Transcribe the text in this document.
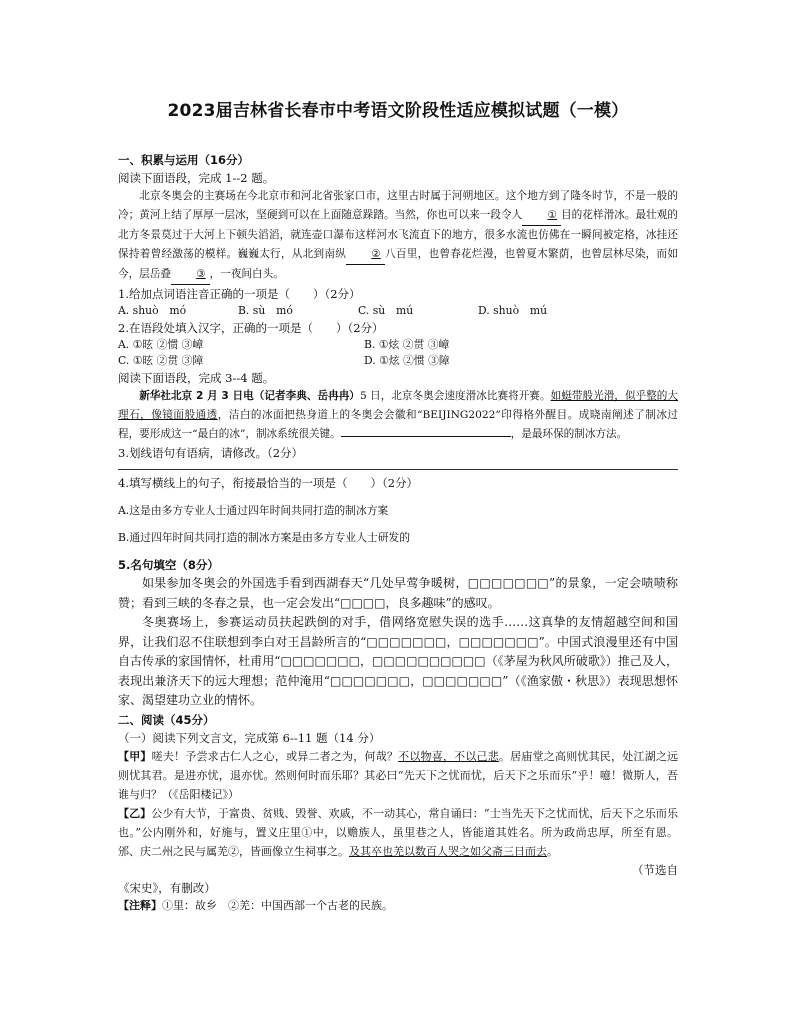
2023届吉林省长春市中考语文阶段性适应模拟试题（一模）

一、积累与运用（16分）

阅读下面语段，完成 1--2 题。

北京冬奥会的主赛场在今北京市和河北省张家口市，这里古时属于河朔地区。这个地方到了隆冬时节，不是一般的冷；黄河上结了厚厚一层冰，坚硬到可以在上面随意跺踏。当然，你也可以来一段令人 ① 目的花样滑冰。最壮观的北方冬景莫过于大河上下顿失滔滔，就连壶口瀑布这样河水飞流直下的地方，很多水流也仿佛在一瞬间被定格，冰挂还保持着曾经激荡的模样。巍巍太行，从北到南纵 ② 八百里，也曾春花烂漫，也曾夏木繁荫，也曾层林尽染，而如今，层岳叠 ③ ，一夜间白头。

1.给加点词语注音正确的一项是（　　）（2分）

A. shuò　mó	B. sù　mó	C. sù　mú	D. shuò　mú

2.在语段处填入汉字，正确的一项是（　　）（2分）

A. ①昡 ②惯 ③嶂	B. ①炫 ②贯 ③嶂
C. ①昡 ②贯 ③障	D. ①炫 ②惯 ③障

阅读下面语段，完成 3--4 题。

新华社北京 2 月 3 日电（记者李典、岳冉冉）5 日，北京冬奥会速度滑冰比赛将开赛。如蜓带般光滑，似乎整的大理石，像镜面般通透，洁白的冰面把热身道上的冬奥会会徽和“BEIJING2022”印得格外醒目。成晓南阐述了制冰过程，要形成这一“最白的冰”，制冰系统很关键。	，是最环保的制冰方法。

3.划线语句有语病，请修改。（2分）

4.填写横线上的句子，衔接最恰当的一项是（　　）（2分）

A.这是由多方专业人士通过四年时间共同打造的制冰方案

B.通过四年时间共同打造的制冰方案是由多方专业人士研发的

5.名句填空（8分）

如果参加冬奥会的外国选手看到西湖春天“几处早莺争暖树，□□□□□□□”的景象，一定会啧啧称赞；看到三峡的冬春之景，也一定会发出“□□□□，良多趣味”的感叹。

冬奥赛场上，参赛运动员扶起跌倒的对手，借网络宽慰失误的选手……这真挚的友情超越空间和国界，让我们忍不住联想到李白对王昌龄所言的“□□□□□□□，□□□□□□□”。中国式浪漫里还有中国自古传承的家国情怀，杜甫用“□□□□□□□，□□□□□□□□□□（《茅屋为秋风所破歌》）推己及人，表现出兼济天下的远大理想；范仲淹用“□□□□□□□，□□□□□□□”（《渔家傲・秋思》）表现思想怀家、渴望建功立业的情怀。

二、阅读（45分）

（一）阅读下列文言文，完成第 6--11 题（14 分）

【甲】嗟夫！予尝求古仁人之心，或异二者之为，何哉？不以物喜，不以己悲。居庙堂之高则忧其民，处江湖之远则忧其君。是进亦忧，退亦忧。然则何时而乐耶？其必曰“先天下之忧而忧，后天下之乐而乐”乎！噫！微斯人，吾谁与归？（《岳阳楼记》）

【乙】公少有大节，于富贵、贫贱、毁誉、欢戚，不一动其心，常自诵曰：“士当先天下之忧而忧，后天下之乐而乐也。”公内刚外和，好施与，置义庄里①中，以赡族人，虽里巷之人，皆能道其姓名。所为政尚忠厚，所至有恩。邠、庆二州之民与属羌②，皆画像立生祠事之。及其卒也羌以数百人哭之如父斋三日而去。

（节选自

《宋史》，有删改）

【注释】①里：故乡　②羌：中国西部一个古老的民族。
